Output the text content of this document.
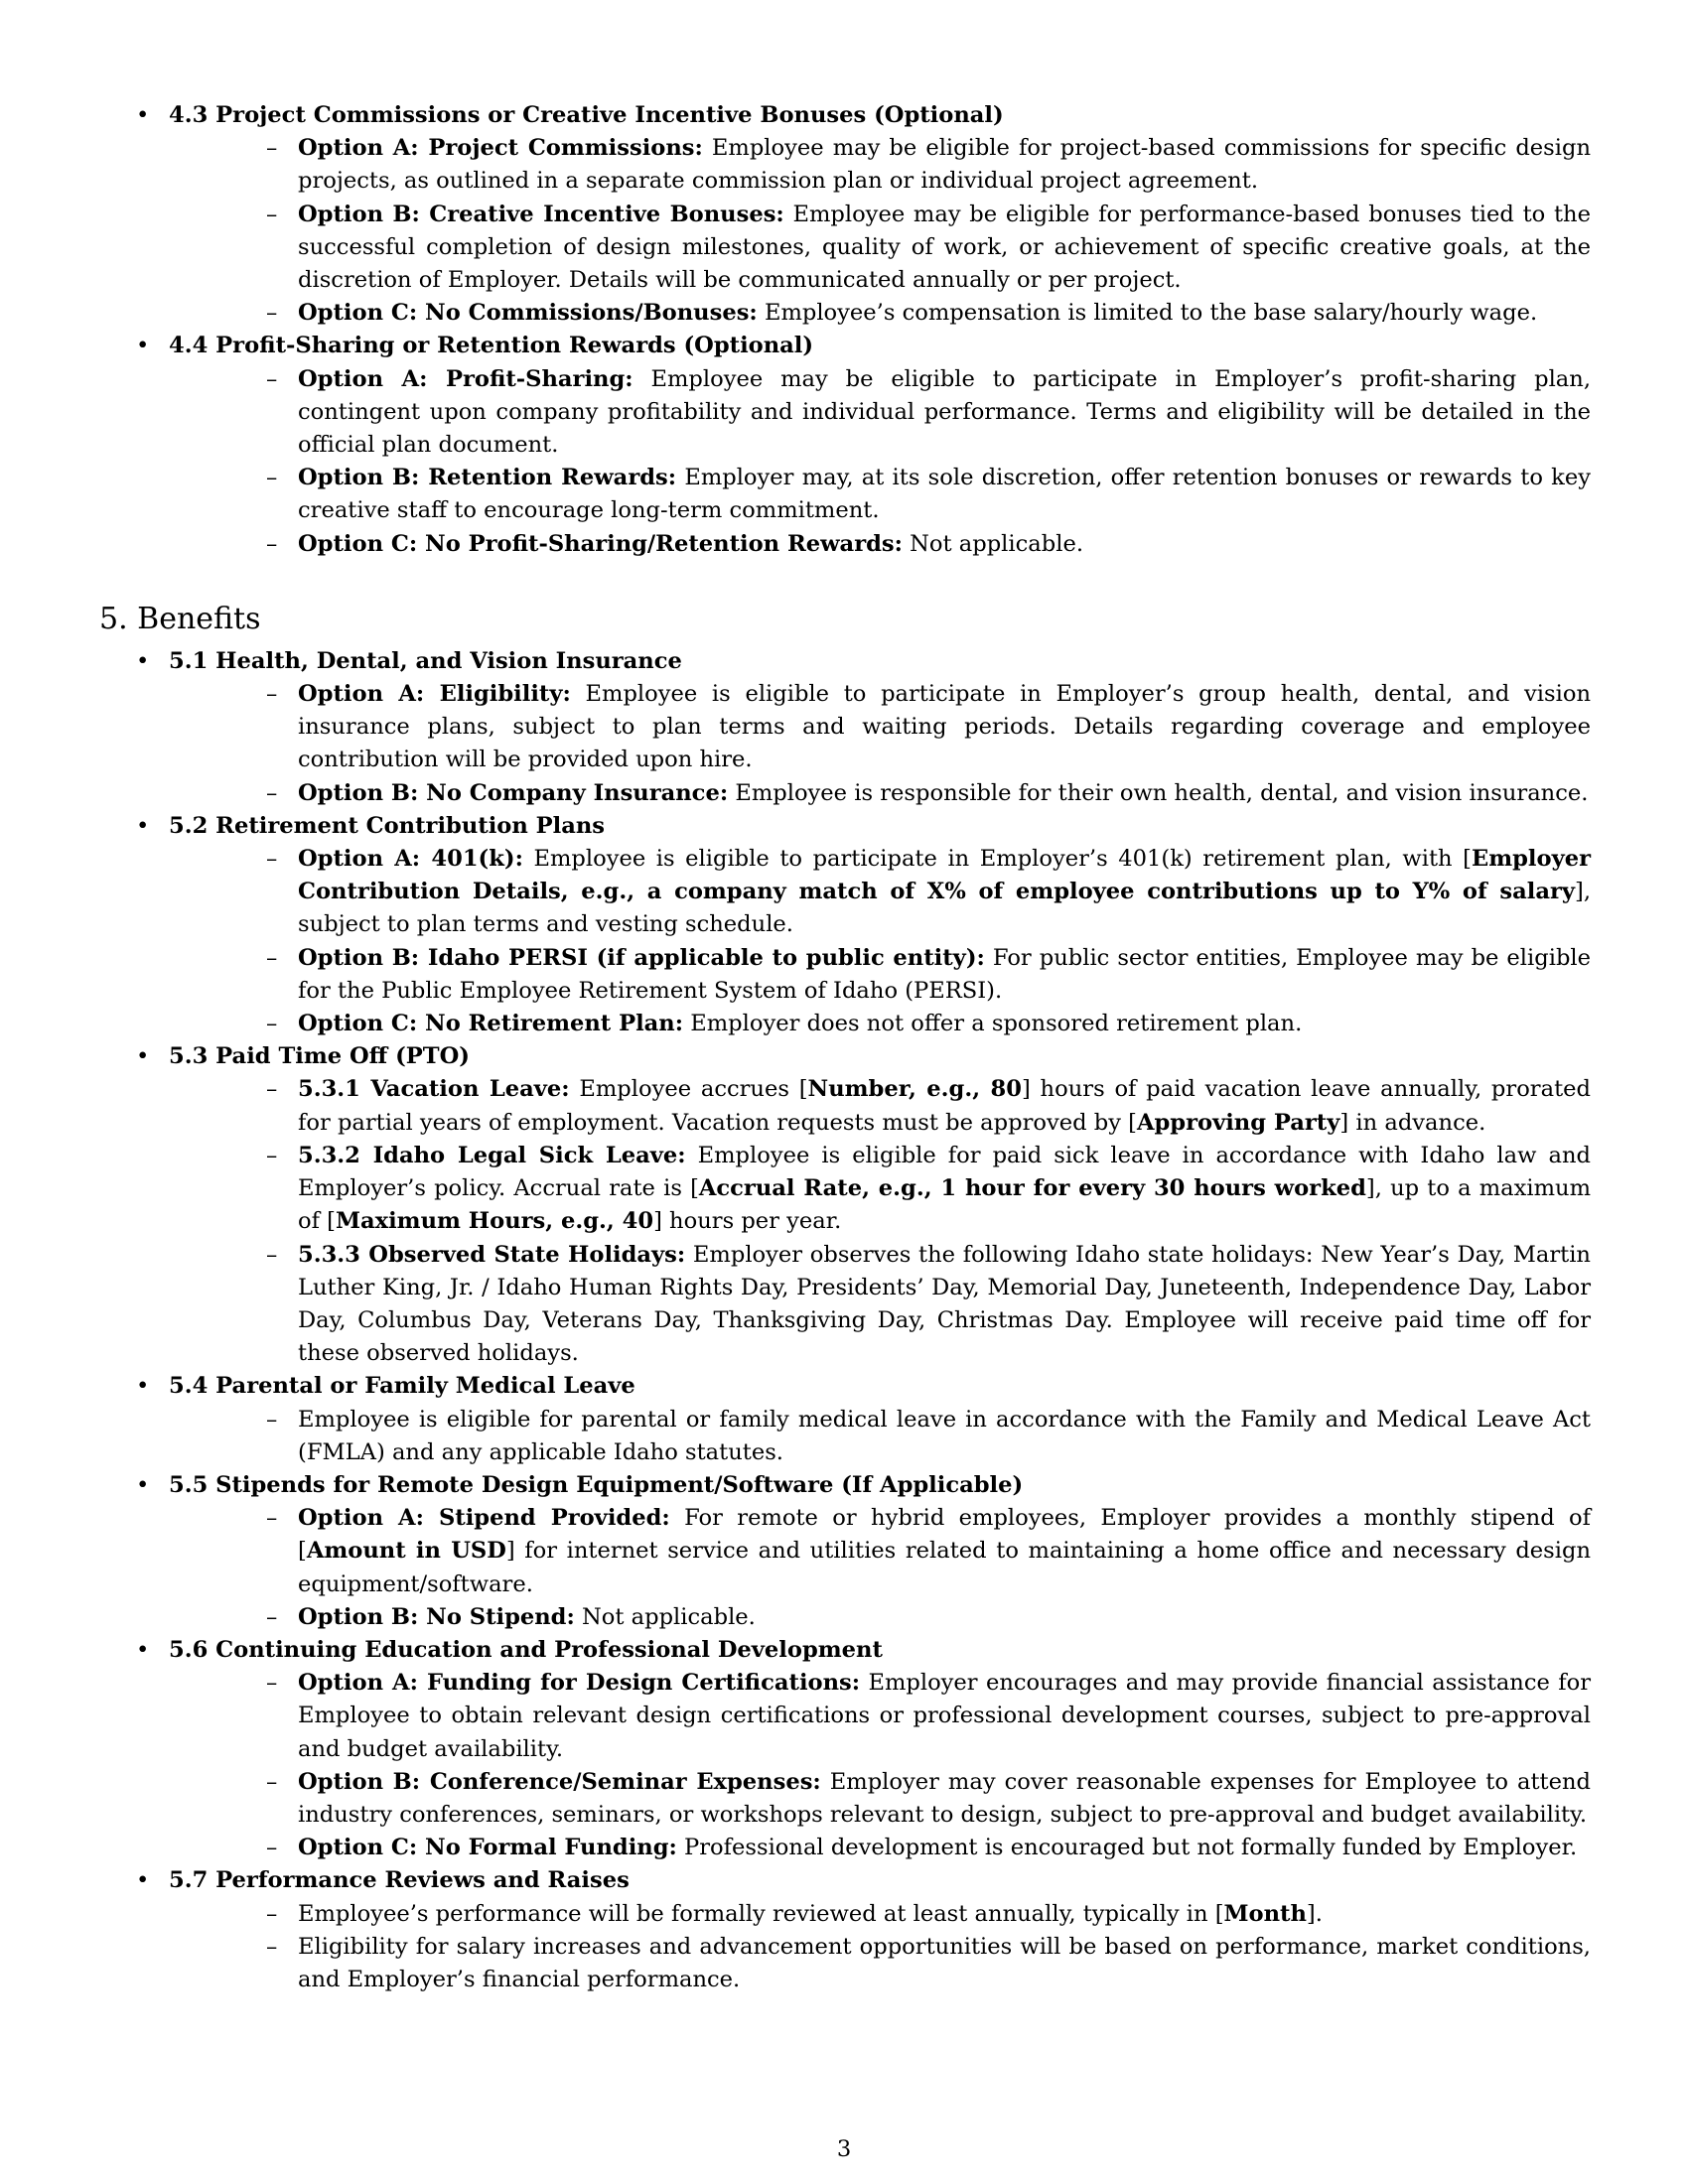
• 4.3 Project Commissions or Creative Incentive Bonuses (Optional)
– Option A: Project Commissions: Employee may be eligible for project-based commissions for specific design projects, as outlined in a separate commission plan or individual project agreement.
– Option B: Creative Incentive Bonuses: Employee may be eligible for performance-based bonuses tied to the successful completion of design milestones, quality of work, or achievement of specific creative goals, at the discretion of Employer. Details will be communicated annually or per project.
– Option C: No Commissions/Bonuses: Employee’s compensation is limited to the base salary/hourly wage.
• 4.4 Profit-Sharing or Retention Rewards (Optional)
– Option A: Profit-Sharing: Employee may be eligible to participate in Employer’s profit-sharing plan, contingent upon company profitability and individual performance. Terms and eligibility will be detailed in the official plan document.
– Option B: Retention Rewards: Employer may, at its sole discretion, offer retention bonuses or rewards to key creative staff to encourage long-term commitment.
– Option C: No Profit-Sharing/Retention Rewards: Not applicable.
5. Benefits
• 5.1 Health, Dental, and Vision Insurance
– Option A: Eligibility: Employee is eligible to participate in Employer’s group health, dental, and vision insurance plans, subject to plan terms and waiting periods. Details regarding coverage and employee contribution will be provided upon hire.
– Option B: No Company Insurance: Employee is responsible for their own health, dental, and vision insurance.
• 5.2 Retirement Contribution Plans
– Option A: 401(k): Employee is eligible to participate in Employer’s 401(k) retirement plan, with [Employer Contribution Details, e.g., a company match of X% of employee contributions up to Y% of salary], subject to plan terms and vesting schedule.
– Option B: Idaho PERSI (if applicable to public entity): For public sector entities, Employee may be eligible for the Public Employee Retirement System of Idaho (PERSI).
– Option C: No Retirement Plan: Employer does not offer a sponsored retirement plan.
• 5.3 Paid Time Off (PTO)
– 5.3.1 Vacation Leave: Employee accrues [Number, e.g., 80] hours of paid vacation leave annually, prorated for partial years of employment. Vacation requests must be approved by [Approving Party] in advance.
– 5.3.2 Idaho Legal Sick Leave: Employee is eligible for paid sick leave in accordance with Idaho law and Employer’s policy. Accrual rate is [Accrual Rate, e.g., 1 hour for every 30 hours worked], up to a maximum of [Maximum Hours, e.g., 40] hours per year.
– 5.3.3 Observed State Holidays: Employer observes the following Idaho state holidays: New Year’s Day, Martin Luther King, Jr. / Idaho Human Rights Day, Presidents’ Day, Memorial Day, Juneteenth, Independence Day, Labor Day, Columbus Day, Veterans Day, Thanksgiving Day, Christmas Day. Employee will receive paid time off for these observed holidays.
• 5.4 Parental or Family Medical Leave
– Employee is eligible for parental or family medical leave in accordance with the Family and Medical Leave Act (FMLA) and any applicable Idaho statutes.
• 5.5 Stipends for Remote Design Equipment/Software (If Applicable)
– Option A: Stipend Provided: For remote or hybrid employees, Employer provides a monthly stipend of [Amount in USD] for internet service and utilities related to maintaining a home office and necessary design equipment/software.
– Option B: No Stipend: Not applicable.
• 5.6 Continuing Education and Professional Development
– Option A: Funding for Design Certifications: Employer encourages and may provide financial assistance for Employee to obtain relevant design certifications or professional development courses, subject to pre-approval and budget availability.
– Option B: Conference/Seminar Expenses: Employer may cover reasonable expenses for Employee to attend industry conferences, seminars, or workshops relevant to design, subject to pre-approval and budget availability.
– Option C: No Formal Funding: Professional development is encouraged but not formally funded by Employer.
• 5.7 Performance Reviews and Raises
– Employee’s performance will be formally reviewed at least annually, typically in [Month].
– Eligibility for salary increases and advancement opportunities will be based on performance, market conditions, and Employer’s financial performance.
3
